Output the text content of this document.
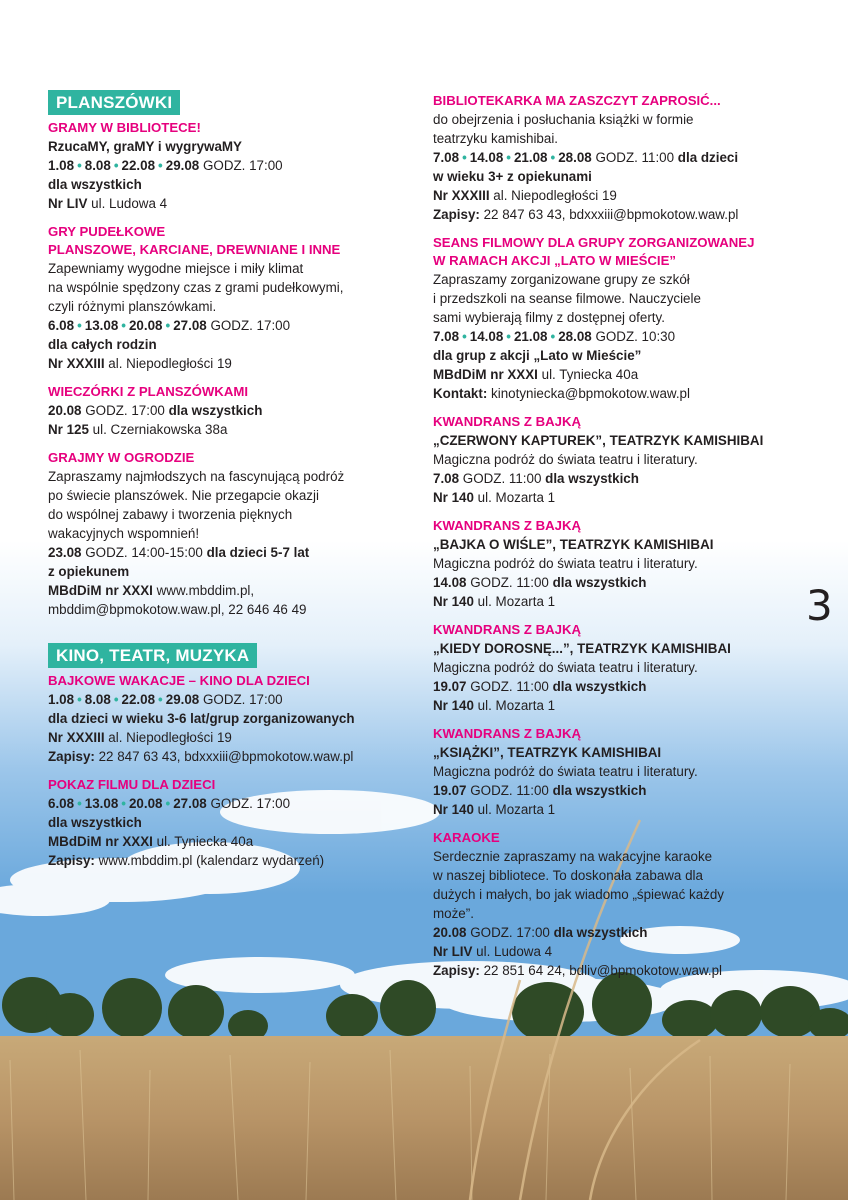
PLANSZÓWKI
GRAMY W BIBLIOTECE!
RzucaMY, graMY i wygrywaMY
1.08 • 8.08 • 22.08 • 29.08 GODZ. 17:00
dla wszystkich
Nr LIV ul. Ludowa 4
GRY PUDEŁKOWE
PLANSZOWE, KARCIANE, DREWNIANE I INNE
Zapewniamy wygodne miejsce i miły klimat
na wspólnie spędzony czas z grami pudełkowymi,
czyli różnymi planszówkami.
6.08 • 13.08 • 20.08 • 27.08 GODZ. 17:00
dla całych rodzin
Nr XXXIII al. Niepodległości 19
WIECZÓRKI Z PLANSZÓWKAMI
20.08 GODZ. 17:00 dla wszystkich
Nr 125 ul. Czerniakowska 38a
GRAJMY W OGRODZIE
Zapraszamy najmłodszych na fascynującą podróż
po świecie planszówek. Nie przegapcie okazji
do wspólnej zabawy i tworzenia pięknych
wakacyjnych wspomnień!
23.08 GODZ. 14:00-15:00 dla dzieci 5-7 lat
z opiekunem
MBdDiM nr XXXI www.mbddim.pl,
mbddim@bpmokotow.waw.pl, 22 646 46 49
KINO, TEATR, MUZYKA
BAJKOWE WAKACJE – KINO DLA DZIECI
1.08 • 8.08 • 22.08 • 29.08 GODZ. 17:00
dla dzieci w wieku 3-6 lat/grup zorganizowanych
Nr XXXIII al. Niepodległości 19
Zapisy: 22 847 63 43, bdxxxiii@bpmokotow.waw.pl
POKAZ FILMU DLA DZIECI
6.08 • 13.08 • 20.08 • 27.08 GODZ. 17:00
dla wszystkich
MBdDiM nr XXXI ul. Tyniecka 40a
Zapisy: www.mbddim.pl (kalendarz wydarzeń)
BIBLIOTEKARKA MA ZASZCZYT ZAPROSIĆ...
do obejrzenia i posłuchania książki w formie
teatrzyku kamishibai.
7.08 • 14.08 • 21.08 • 28.08 GODZ. 11:00 dla dzieci
w wieku 3+ z opiekunami
Nr XXXIII al. Niepodległości 19
Zapisy: 22 847 63 43, bdxxxiii@bpmokotow.waw.pl
SEANS FILMOWY DLA GRUPY ZORGANIZOWANEJ
W RAMACH AKCJI „LATO W MIEŚCIE”
Zapraszamy zorganizowane grupy ze szkół
i przedszkoli na seanse filmowe. Nauczyciele
sami wybierają filmy z dostępnej oferty.
7.08 • 14.08 • 21.08 • 28.08 GODZ. 10:30
dla grup z akcji „Lato w Mieście”
MBdDiM nr XXXI ul. Tyniecka 40a
Kontakt: kinotyniecka@bpmokotow.waw.pl
KWANDRANS Z BAJKĄ
„CZERWONY KAPTUREK”, TEATRZYK KAMISHIBAI
Magiczna podróż do świata teatru i literatury.
7.08 GODZ. 11:00 dla wszystkich
Nr 140 ul. Mozarta 1
KWANDRANS Z BAJKĄ
„BAJKA O WIŚLE”, TEATRZYK KAMISHIBAI
Magiczna podróż do świata teatru i literatury.
14.08 GODZ. 11:00 dla wszystkich
Nr 140 ul. Mozarta 1
KWANDRANS Z BAJKĄ
„KIEDY DOROSNĘ...”, TEATRZYK KAMISHIBAI
Magiczna podróż do świata teatru i literatury.
19.07 GODZ. 11:00 dla wszystkich
Nr 140 ul. Mozarta 1
KWANDRANS Z BAJKĄ
„KSIĄŻKI”, TEATRZYK KAMISHIBAI
Magiczna podróż do świata teatru i literatury.
19.07 GODZ. 11:00 dla wszystkich
Nr 140 ul. Mozarta 1
KARAOKE
Serdecznie zapraszamy na wakacyjne karaoke
w naszej bibliotece. To doskonała zabawa dla
dużych i małych, bo jak wiadomo „śpiewać każdy
może”.
20.08 GODZ. 17:00 dla wszystkich
Nr LIV ul. Ludowa 4
Zapisy: 22 851 64 24, bdliv@bpmokotow.waw.pl
3
